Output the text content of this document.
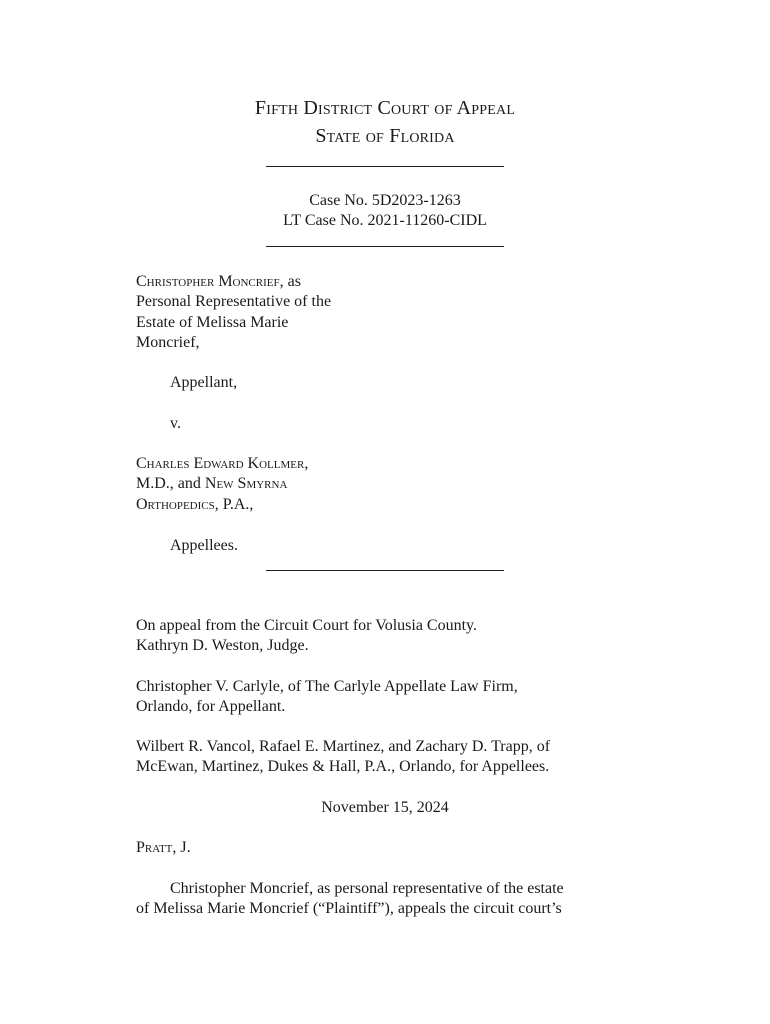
Fifth District Court of Appeal
State of Florida
Case No. 5D2023-1263
LT Case No. 2021-11260-CIDL
Christopher Moncrief, as
Personal Representative of the
Estate of Melissa Marie
Moncrief,
Appellant,
v.
Charles Edward Kollmer,
M.D., and New Smyrna
Orthopedics, P.A.,
Appellees.
On appeal from the Circuit Court for Volusia County.
Kathryn D. Weston, Judge.
Christopher V. Carlyle, of The Carlyle Appellate Law Firm,
Orlando, for Appellant.
Wilbert R. Vancol, Rafael E. Martinez, and Zachary D. Trapp, of
McEwan, Martinez, Dukes & Hall, P.A., Orlando, for Appellees.
November 15, 2024
Pratt, J.
Christopher Moncrief, as personal representative of the estate
of Melissa Marie Moncrief (“Plaintiff”), appeals the circuit court’s
